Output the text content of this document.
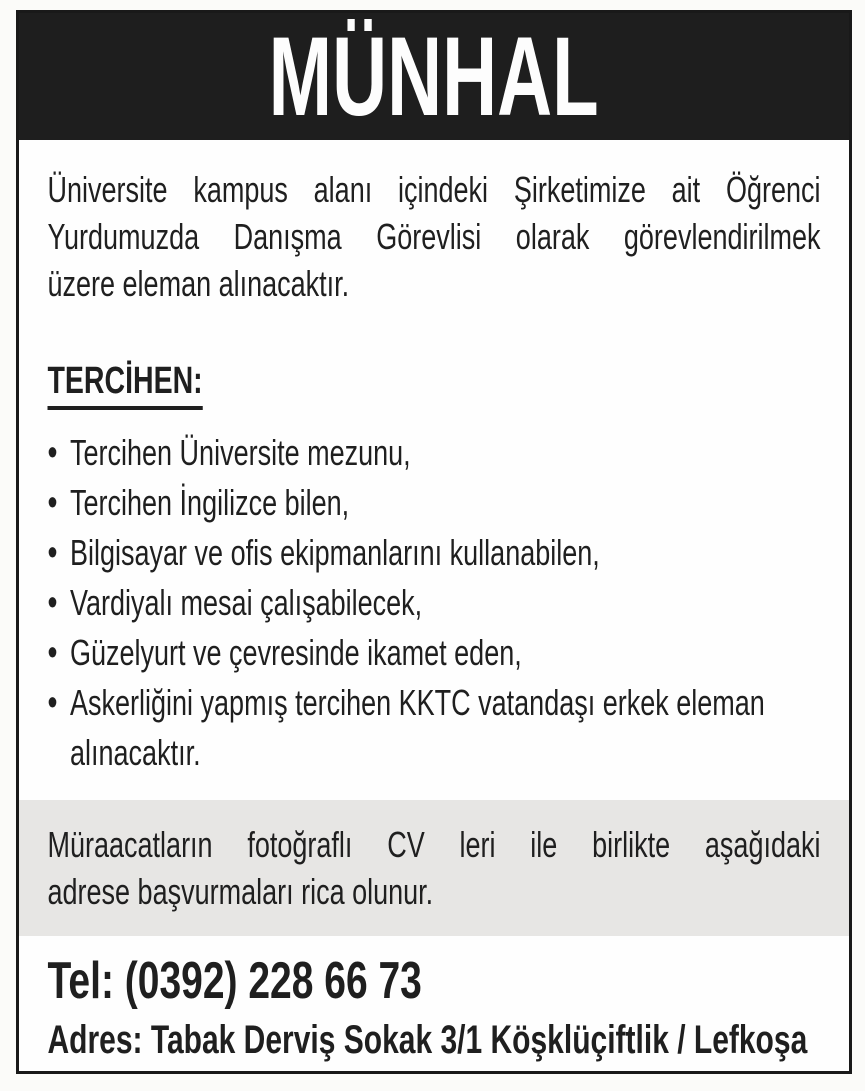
MÜNHAL
Üniversite kampus alanı içindeki Şirketimize ait Öğrenci
Yurdumuzda Danışma Görevlisi olarak görevlendirilmek
üzere eleman alınacaktır.
TERCİHEN:
• Tercihen Üniversite mezunu,
• Tercihen İngilizce bilen,
• Bilgisayar ve ofis ekipmanlarını kullanabilen,
• Vardiyalı mesai çalışabilecek,
• Güzelyurt ve çevresinde ikamet eden,
• Askerliğini yapmış tercihen KKTC vatandaşı erkek eleman alınacaktır.
Müraacatların fotoğraflı CV leri ile birlikte aşağıdaki
adrese başvurmaları rica olunur.
Tel: (0392) 228 66 73
Adres: Tabak Derviş Sokak 3/1 Köşklüçiftlik / Lefkoşa
